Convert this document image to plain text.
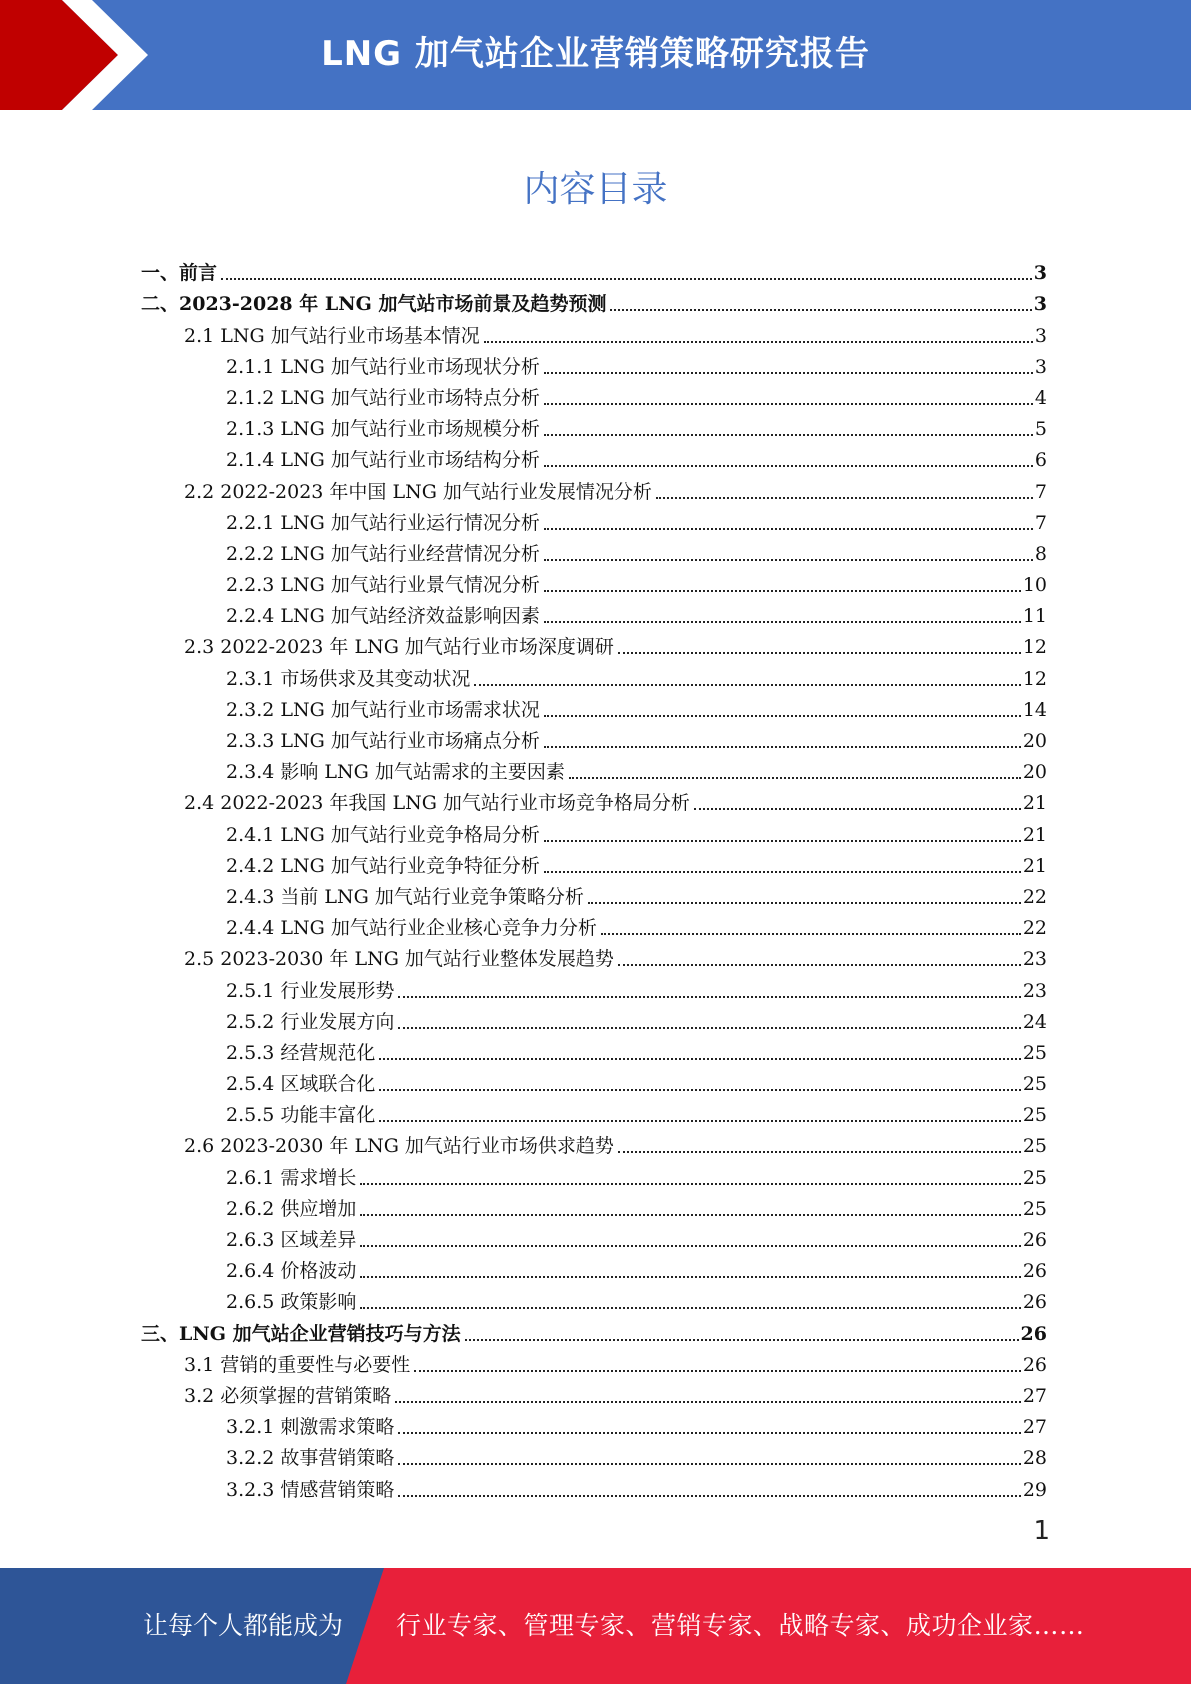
LNG 加气站企业营销策略研究报告
内容目录
一、前言	3
二、2023-2028 年 LNG 加气站市场前景及趋势预测	3
2.1 LNG 加气站行业市场基本情况	3
2.1.1 LNG 加气站行业市场现状分析	3
2.1.2 LNG 加气站行业市场特点分析	4
2.1.3 LNG 加气站行业市场规模分析	5
2.1.4 LNG 加气站行业市场结构分析	6
2.2 2022-2023 年中国 LNG 加气站行业发展情况分析	7
2.2.1 LNG 加气站行业运行情况分析	7
2.2.2 LNG 加气站行业经营情况分析	8
2.2.3 LNG 加气站行业景气情况分析	10
2.2.4 LNG 加气站经济效益影响因素	11
2.3 2022-2023 年 LNG 加气站行业市场深度调研	12
2.3.1 市场供求及其变动状况	12
2.3.2 LNG 加气站行业市场需求状况	14
2.3.3 LNG 加气站行业市场痛点分析	20
2.3.4 影响 LNG 加气站需求的主要因素	20
2.4 2022-2023 年我国 LNG 加气站行业市场竞争格局分析	21
2.4.1 LNG 加气站行业竞争格局分析	21
2.4.2 LNG 加气站行业竞争特征分析	21
2.4.3 当前 LNG 加气站行业竞争策略分析	22
2.4.4 LNG 加气站行业企业核心竞争力分析	22
2.5 2023-2030 年 LNG 加气站行业整体发展趋势	23
2.5.1 行业发展形势	23
2.5.2 行业发展方向	24
2.5.3 经营规范化	25
2.5.4 区域联合化	25
2.5.5 功能丰富化	25
2.6 2023-2030 年 LNG 加气站行业市场供求趋势	25
2.6.1 需求增长	25
2.6.2 供应增加	25
2.6.3 区域差异	26
2.6.4 价格波动	26
2.6.5 政策影响	26
三、LNG 加气站企业营销技巧与方法	26
3.1 营销的重要性与必要性	26
3.2 必须掌握的营销策略	27
3.2.1 刺激需求策略	27
3.2.2 故事营销策略	28
3.2.3 情感营销策略	29
1
让每个人都能成为 行业专家、管理专家、营销专家、战略专家、成功企业家……
